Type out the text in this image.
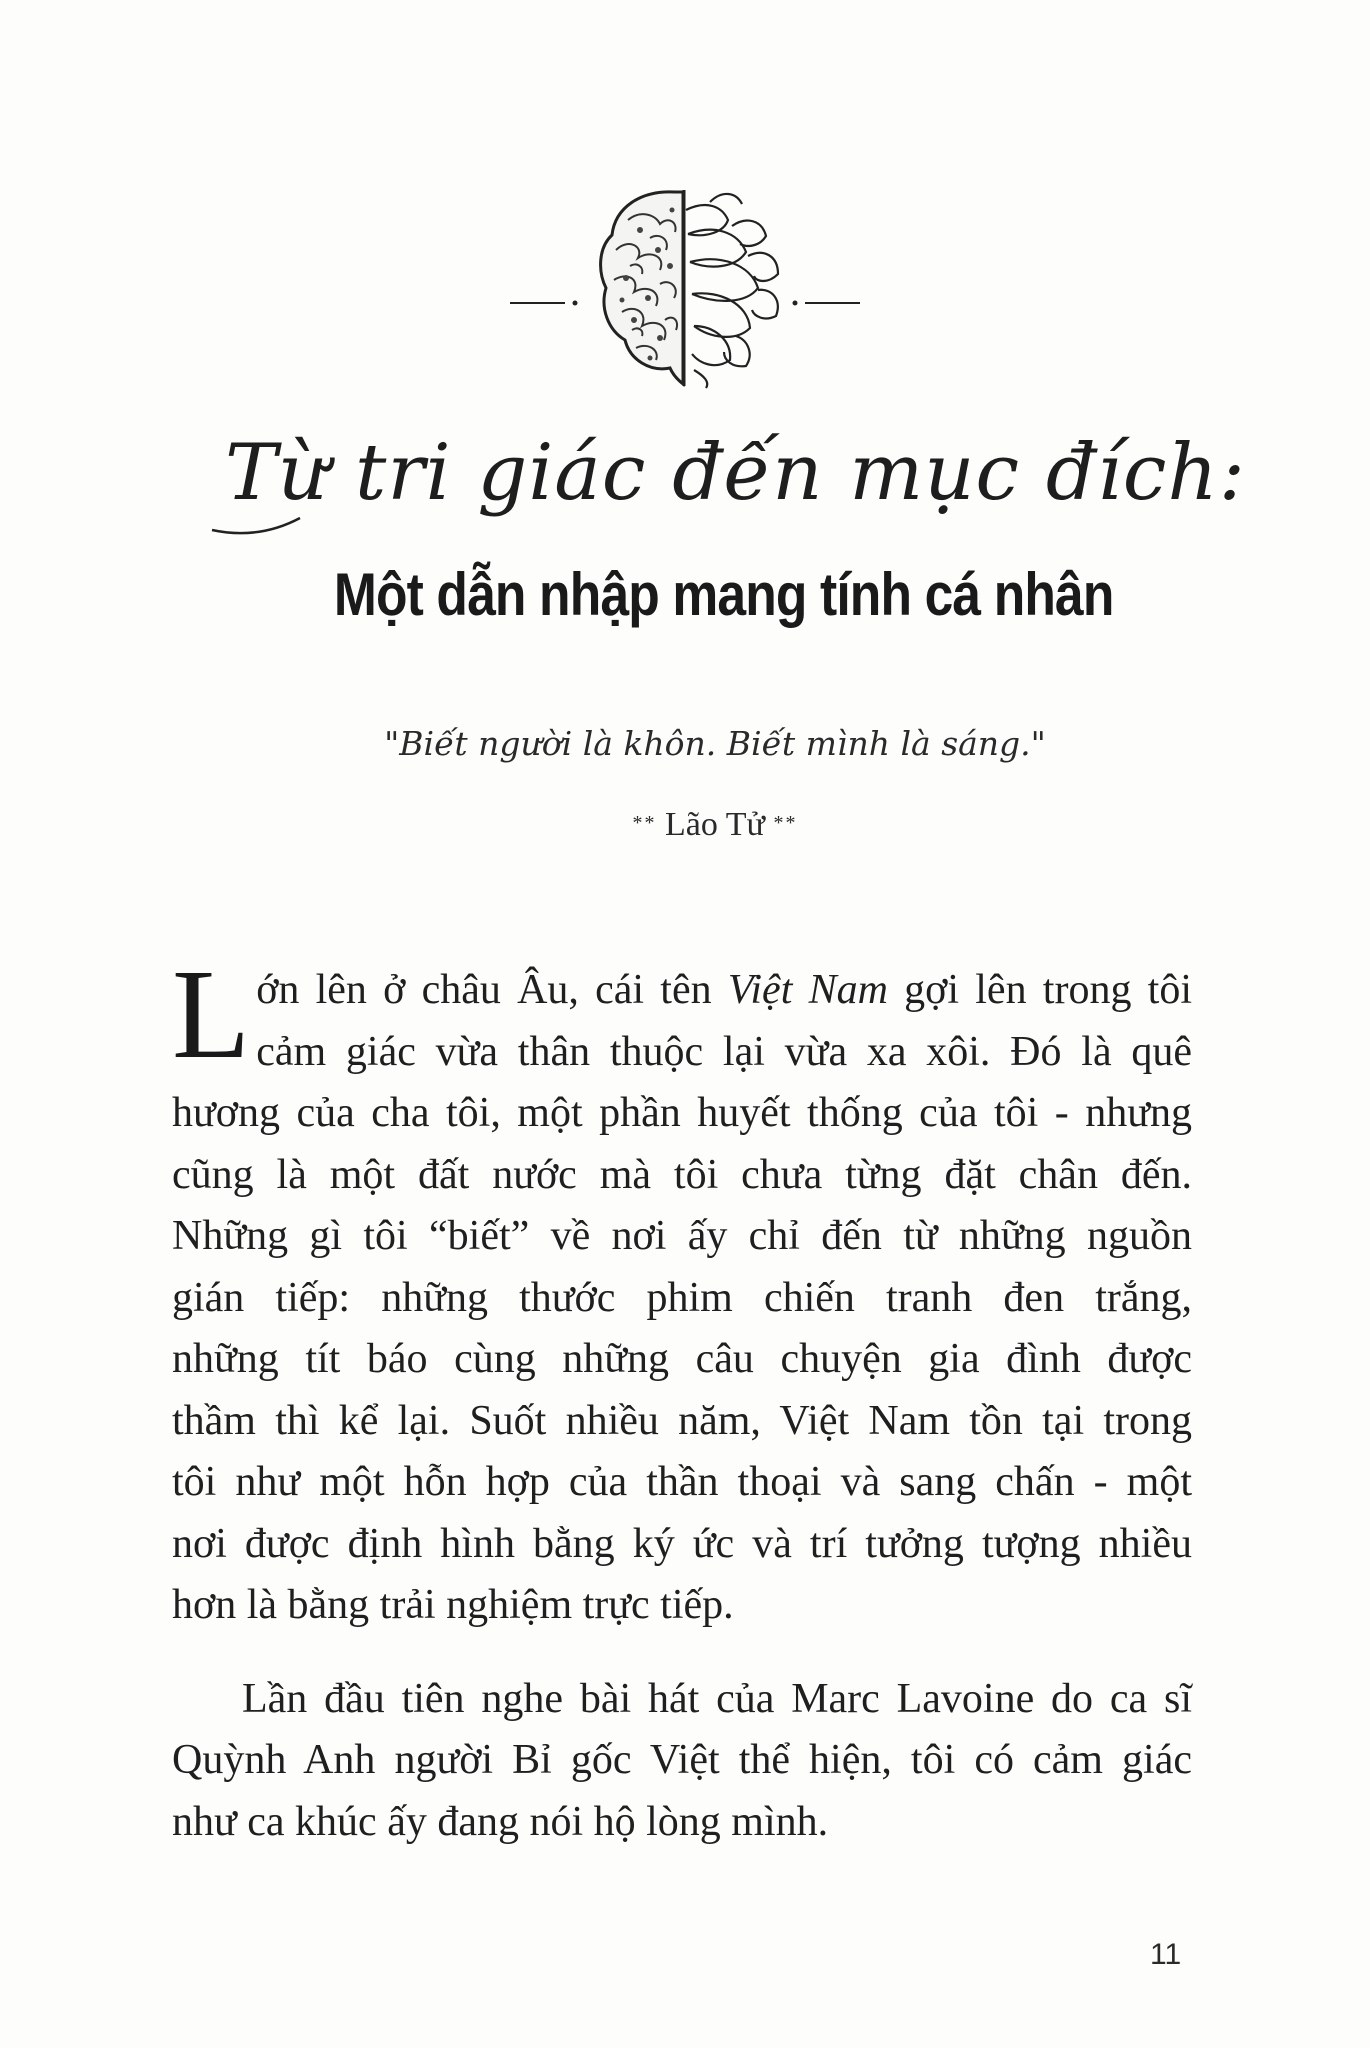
Từ tri giác đến mục đích:
Một dẫn nhập mang tính cá nhân
"Biết người là khôn. Biết mình là sáng."
** Lão Tử **
L ớn lên ở châu Âu, cái tên Việt Nam gợi lên trong tôi
cảm giác vừa thân thuộc lại vừa xa xôi. Đó là quê
hương của cha tôi, một phần huyết thống của tôi - nhưng
cũng là một đất nước mà tôi chưa từng đặt chân đến.
Những gì tôi “biết” về nơi ấy chỉ đến từ những nguồn
gián tiếp: những thước phim chiến tranh đen trắng,
những tít báo cùng những câu chuyện gia đình được
thầm thì kể lại. Suốt nhiều năm, Việt Nam tồn tại trong
tôi như một hỗn hợp của thần thoại và sang chấn - một
nơi được định hình bằng ký ức và trí tưởng tượng nhiều
hơn là bằng trải nghiệm trực tiếp.
Lần đầu tiên nghe bài hát của Marc Lavoine do ca sĩ
Quỳnh Anh người Bỉ gốc Việt thể hiện, tôi có cảm giác
như ca khúc ấy đang nói hộ lòng mình.
11
